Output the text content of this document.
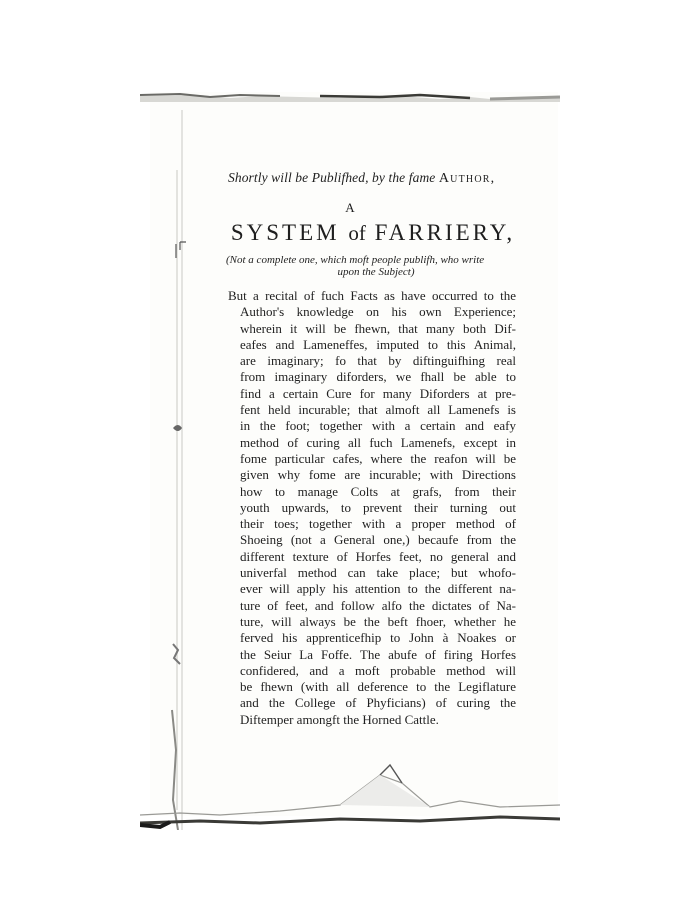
Shortly will be Publifhed, by the fame Author,
A
SYSTEM of FARRIERY,
(Not a complete one, which moft people publifh, who write
upon the Subject)
But a recital of fuch Facts as have occurred to the
Author's knowledge on his own Experience;
wherein it will be fhewn, that many both Dif-
eafes and Lameneffes, imputed to this Animal,
are imaginary; fo that by diftinguifhing real
from imaginary diforders, we fhall be able to
find a certain Cure for many Diforders at pre-
fent held incurable; that almoft all Lamenefs is
in the foot; together with a certain and eafy
method of curing all fuch Lamenefs, except in
fome particular cafes, where the reafon will be
given why fome are incurable; with Directions
how to manage Colts at grafs, from their
youth upwards, to prevent their turning out
their toes; together with a proper method of
Shoeing (not a General one,) becaufe from the
different texture of Horfes feet, no general and
univerfal method can take place; but whofo-
ever will apply his attention to the different na-
ture of feet, and follow alfo the dictates of Na-
ture, will always be the beft fhoer, whether he
ferved his apprenticefhip to John à Noakes or
the Seiur La Foffe. The abufe of firing Horfes
confidered, and a moft probable method will
be fhewn (with all deference to the Legiflature
and the College of Phyficians) of curing the
Diftemper amongft the Horned Cattle.
